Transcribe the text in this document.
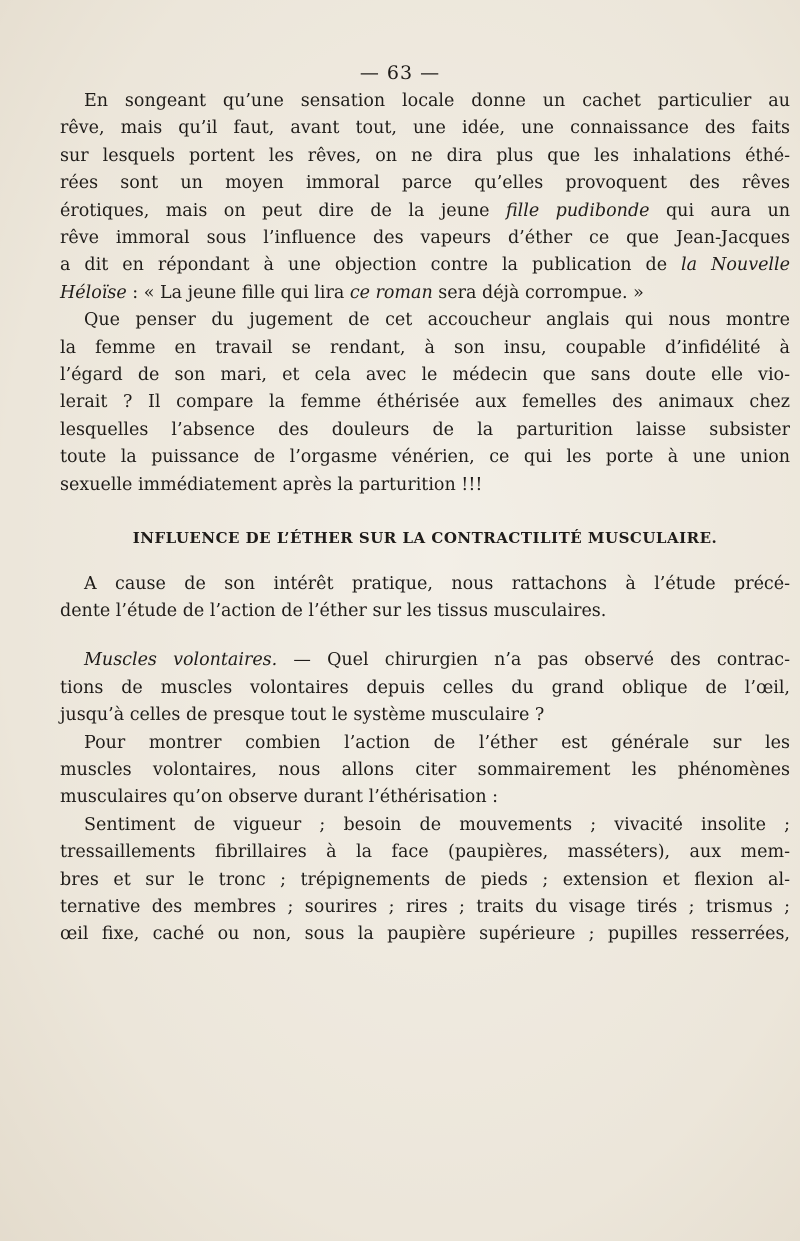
— 63 —

En songeant qu’une sensation locale donne un cachet particulier au
rêve, mais qu’il faut, avant tout, une idée, une connaissance des faits
sur lesquels portent les rêves, on ne dira plus que les inhalations éthé-
rées sont un moyen immoral parce qu’elles provoquent des rêves
érotiques, mais on peut dire de la jeune fille pudibonde qui aura un
rêve immoral sous l’influence des vapeurs d’éther ce que Jean-Jacques
a dit en répondant à une objection contre la publication de la Nouvelle
Héloïse : « La jeune fille qui lira ce roman sera déjà corrompue. »

Que penser du jugement de cet accoucheur anglais qui nous montre
la femme en travail se rendant, à son insu, coupable d’infidélité à
l’égard de son mari, et cela avec le médecin que sans doute elle vio-
lerait ? Il compare la femme éthérisée aux femelles des animaux chez
lesquelles l’absence des douleurs de la parturition laisse subsister
toute la puissance de l’orgasme vénérien, ce qui les porte à une union
sexuelle immédiatement après la parturition !!!

INFLUENCE DE L’ÉTHER SUR LA CONTRACTILITÉ MUSCULAIRE.

A cause de son intérêt pratique, nous rattachons à l’étude précé-
dente l’étude de l’action de l’éther sur les tissus musculaires.

Muscles volontaires. — Quel chirurgien n’a pas observé des contrac-
tions de muscles volontaires depuis celles du grand oblique de l’œil,
jusqu’à celles de presque tout le système musculaire ?

Pour montrer combien l’action de l’éther est générale sur les
muscles volontaires, nous allons citer sommairement les phénomènes
musculaires qu’on observe durant l’éthérisation :

Sentiment de vigueur ; besoin de mouvements ; vivacité insolite ;
tressaillements fibrillaires à la face (paupières, masséters), aux mem-
bres et sur le tronc ; trépignements de pieds ; extension et flexion al-
ternative des membres ; sourires ; rires ; traits du visage tirés ; trismus ;
œil fixe, caché ou non, sous la paupière supérieure ; pupilles resserrées,
